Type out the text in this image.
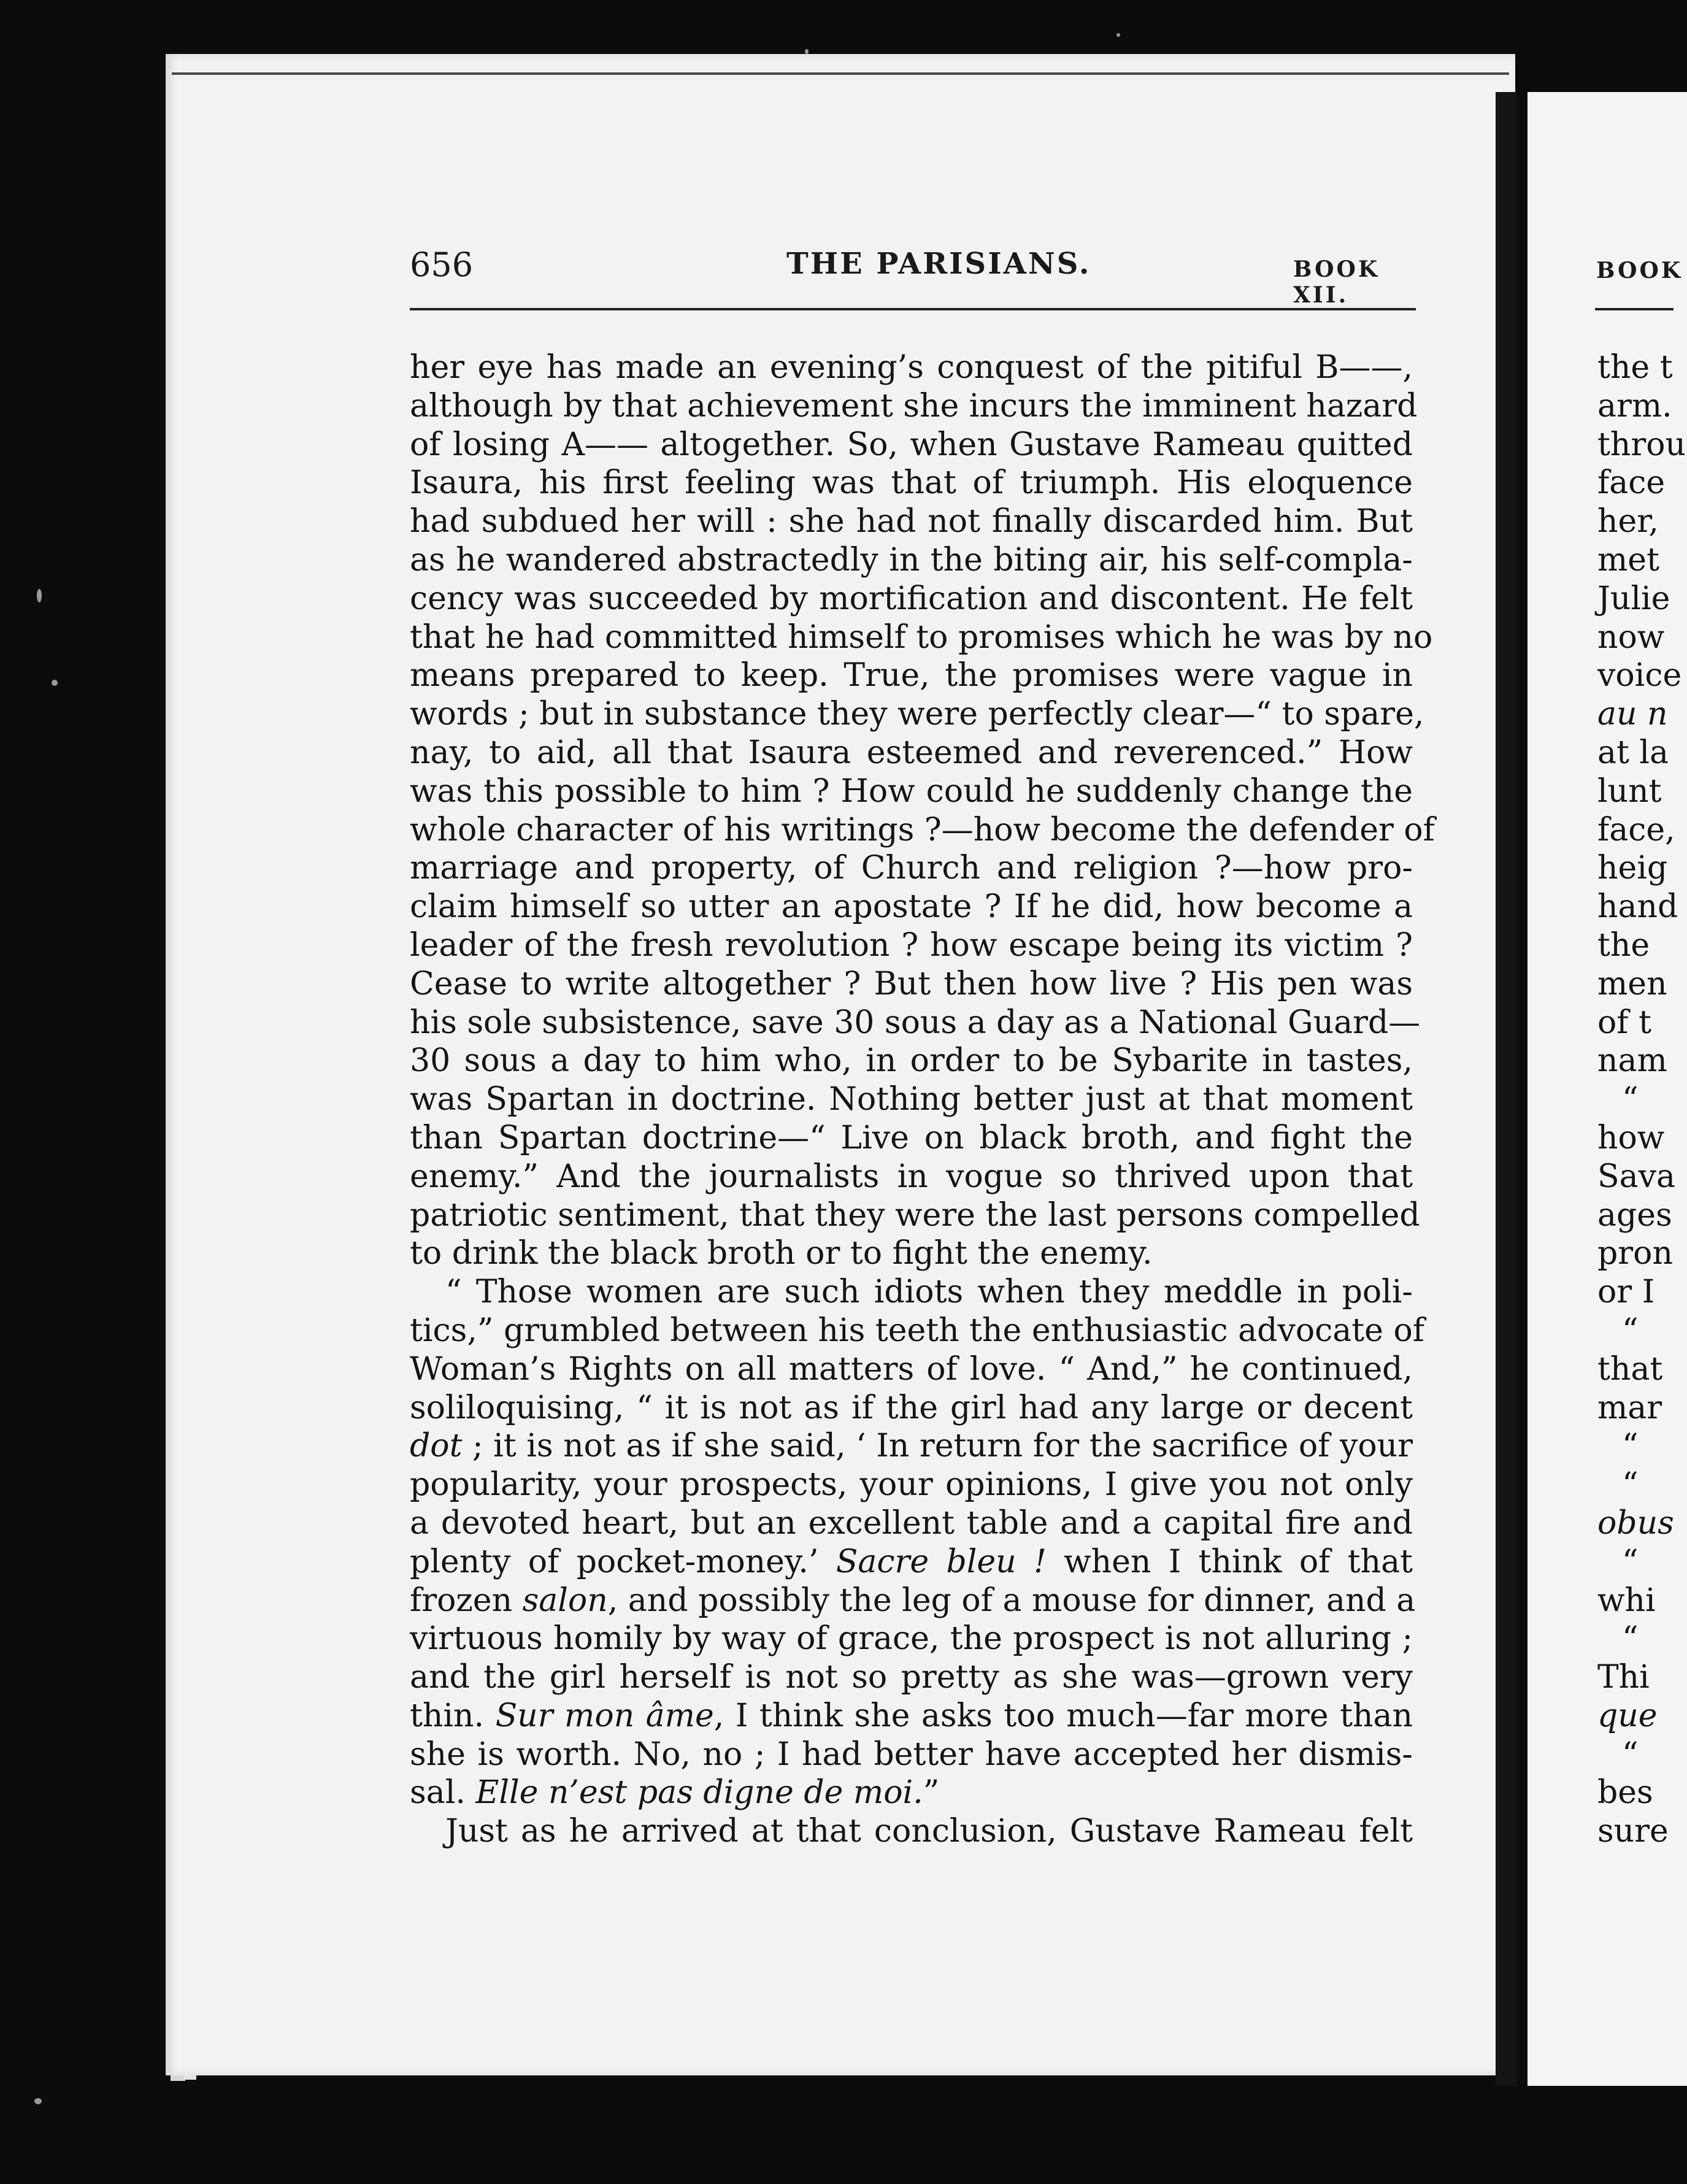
656	THE PARISIANS.	BOOK XII.
her eye has made an evening’s conquest of the pitiful B——,
although by that achievement she incurs the imminent hazard
of losing A—— altogether. So, when Gustave Rameau quitted
Isaura, his first feeling was that of triumph. His eloquence
had subdued her will : she had not finally discarded him. But
as he wandered abstractedly in the biting air, his self-compla-
cency was succeeded by mortification and discontent. He felt
that he had committed himself to promises which he was by no
means prepared to keep. True, the promises were vague in
words ; but in substance they were perfectly clear—“ to spare,
nay, to aid, all that Isaura esteemed and reverenced.” How
was this possible to him ? How could he suddenly change the
whole character of his writings ?—how become the defender of
marriage and property, of Church and religion ?—how pro-
claim himself so utter an apostate ? If he did, how become a
leader of the fresh revolution ? how escape being its victim ?
Cease to write altogether ? But then how live ? His pen was
his sole subsistence, save 30 sous a day as a National Guard—
30 sous a day to him who, in order to be Sybarite in tastes,
was Spartan in doctrine. Nothing better just at that moment
than Spartan doctrine—“ Live on black broth, and fight the
enemy.” And the journalists in vogue so thrived upon that
patriotic sentiment, that they were the last persons compelled
to drink the black broth or to fight the enemy.
“ Those women are such idiots when they meddle in poli-
tics,” grumbled between his teeth the enthusiastic advocate of
Woman’s Rights on all matters of love. “ And,” he continued,
soliloquising, “ it is not as if the girl had any large or decent
dot ; it is not as if she said, ‘ In return for the sacrifice of your
popularity, your prospects, your opinions, I give you not only
a devoted heart, but an excellent table and a capital fire and
plenty of pocket-money.’ Sacre bleu ! when I think of that
frozen salon, and possibly the leg of a mouse for dinner, and a
virtuous homily by way of grace, the prospect is not alluring ;
and the girl herself is not so pretty as she was—grown very
thin. Sur mon âme, I think she asks too much—far more than
she is worth. No, no ; I had better have accepted her dismis-
sal. Elle n’est pas digne de moi.”
Just as he arrived at that conclusion, Gustave Rameau felt
BOOK
the t
arm.
throu
face
her,
met
Julie
now
voice
au n
at la
lunt
face,
heig
hand
the
men
of t
nam
“
how
Sava
ages
pron
or I
“
that
mar
“
“
obus
“
whi
“
Thi
que
“
bes
sure
